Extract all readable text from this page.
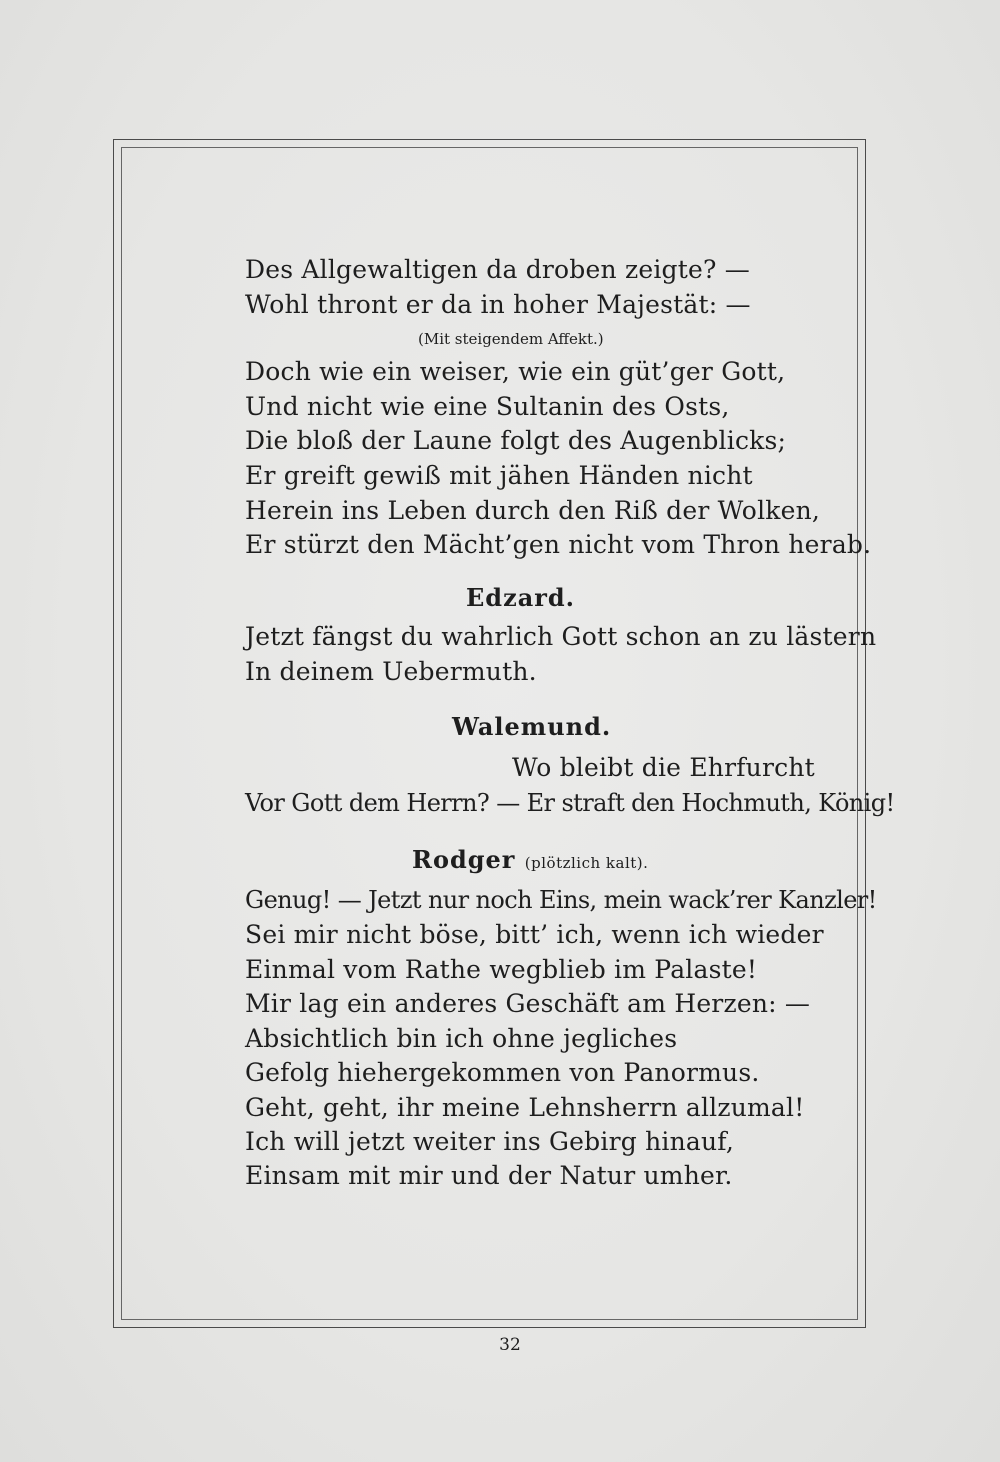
Des Allgewaltigen da droben zeigte? —
Wohl thront er da in hoher Majestät: —
(Mit steigendem Affekt.)
Doch wie ein weiser, wie ein güt’ger Gott,
Und nicht wie eine Sultanin des Osts,
Die bloß der Laune folgt des Augenblicks;
Er greift gewiß mit jähen Händen nicht
Herein ins Leben durch den Riß der Wolken,
Er stürzt den Mächt’gen nicht vom Thron herab.
Edzard.
Jetzt fängst du wahrlich Gott schon an zu lästern
In deinem Uebermuth.
Walemund.
Wo bleibt die Ehrfurcht
Vor Gott dem Herrn? — Er straft den Hochmuth, König!
Rodger (plötzlich kalt).
Genug! — Jetzt nur noch Eins, mein wack’rer Kanzler!
Sei mir nicht böse, bitt’ ich, wenn ich wieder
Einmal vom Rathe wegblieb im Palaste!
Mir lag ein anderes Geschäft am Herzen: —
Absichtlich bin ich ohne jegliches
Gefolg hiehergekommen von Panormus.
Geht, geht, ihr meine Lehnsherrn allzumal!
Ich will jetzt weiter ins Gebirg hinauf,
Einsam mit mir und der Natur umher.
32
